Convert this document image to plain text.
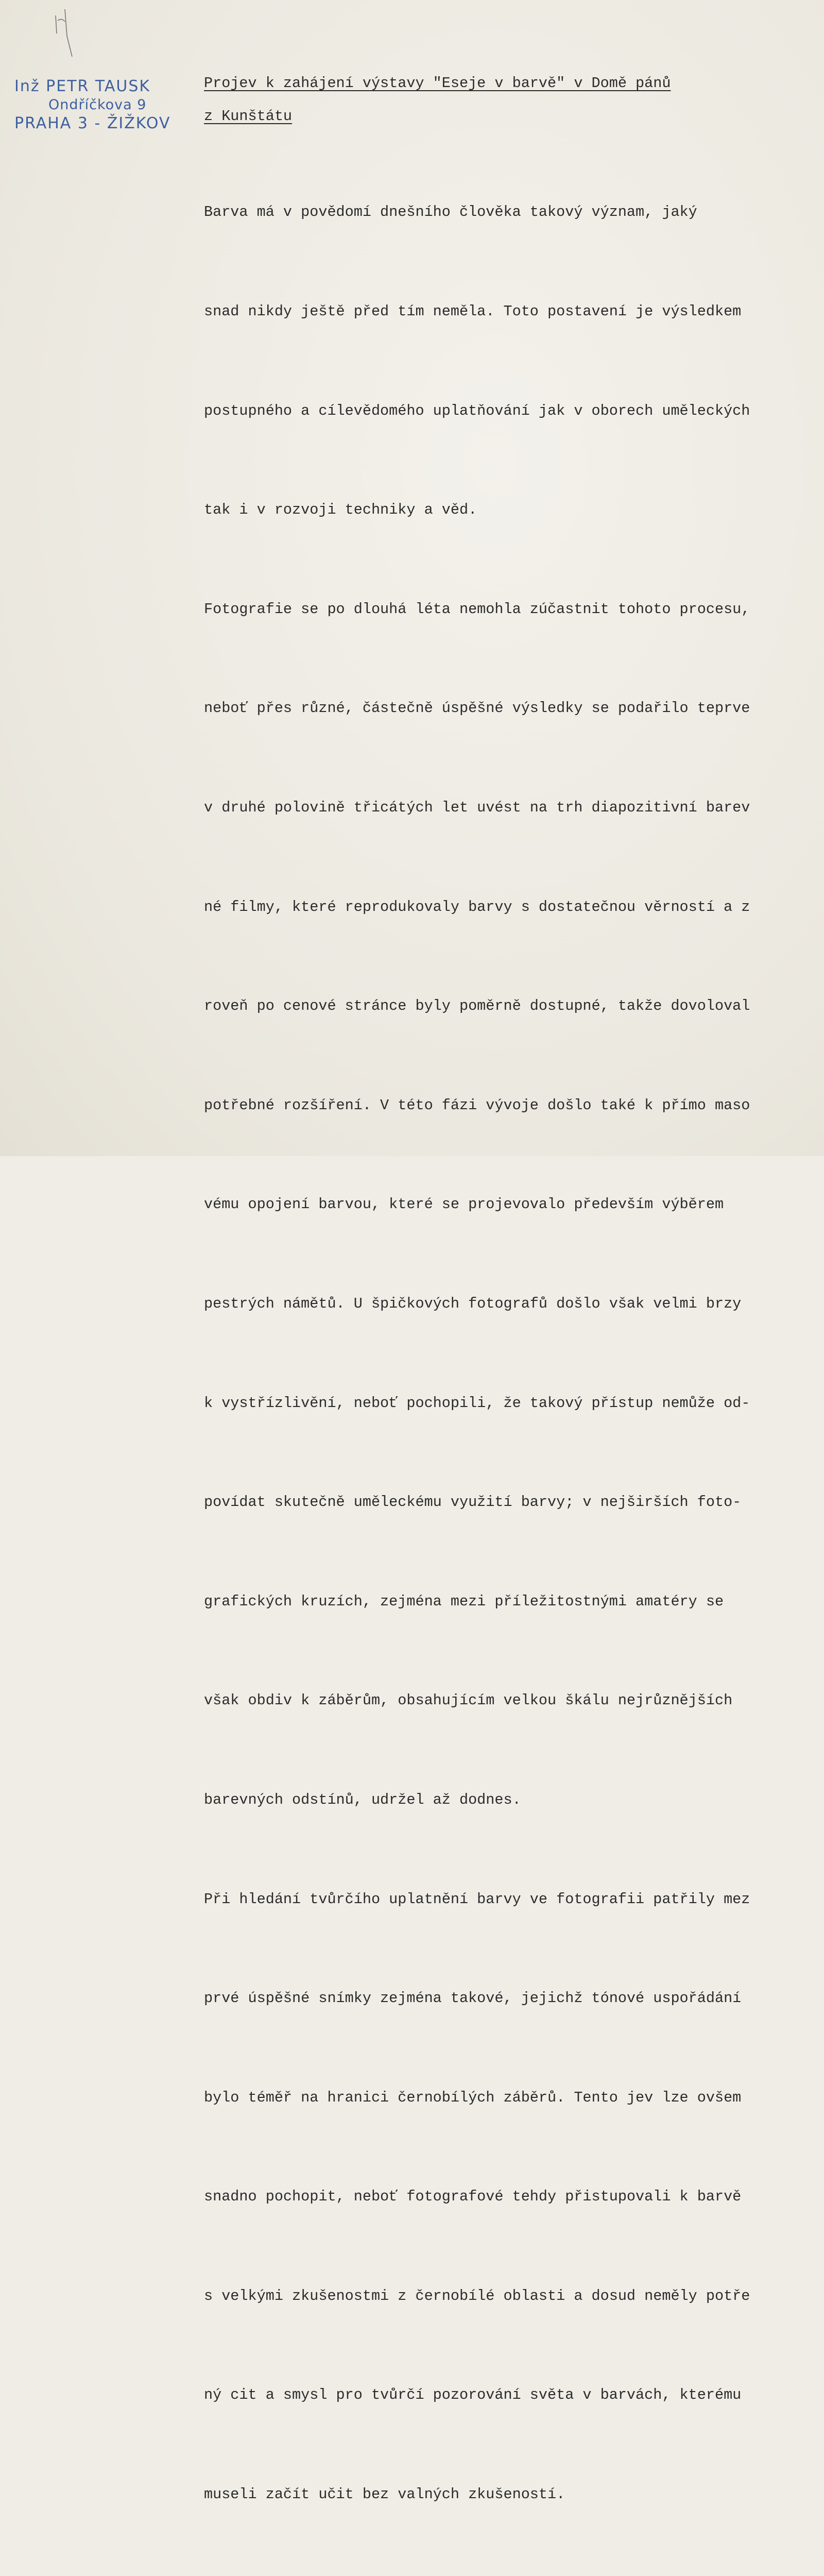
Inž PETR TAUSK
Ondříčkova 9
PRAHA 3 - ŽIŽKOV
Projev k zahájení výstavy "Eseje v barvě" v Domě pánů
z Kunštátu

Barva má v povědomí dnešního člověka takový význam, jaký

snad nikdy ještě před tím neměla. Toto postavení je výsledkem

postupného a cílevědomého uplatňování jak v oborech uměleckých

tak i v rozvoji techniky a věd.

Fotografie se po dlouhá léta nemohla zúčastnit tohoto procesu,

neboť přes různé, částečně úspěšné výsledky se podařilo teprve

v druhé polovině třicátých let uvést na trh diapozitivní barev

né filmy, které reprodukovaly barvy s dostatečnou věrností a z

roveň po cenové stránce byly poměrně dostupné, takže dovoloval

potřebné rozšíření. V této fázi vývoje došlo také k přímo maso

vému opojení barvou, které se projevovalo především výběrem

pestrých námětů. U špičkových fotografů došlo však velmi brzy

k vystřízlivění, neboť pochopili, že takový přístup nemůže od-

povídat skutečně uměleckému využití barvy; v nejširších foto-

grafických kruzích, zejména mezi příležitostnými amatéry se

však obdiv k záběrům, obsahujícím velkou škálu nejrůznějších

barevných odstínů, udržel až dodnes.

Při hledání tvůrčího uplatnění barvy ve fotografii patřily mez

prvé úspěšné snímky zejména takové, jejichž tónové uspořádání

bylo téměř na hranici černobílých záběrů. Tento jev lze ovšem

snadno pochopit, neboť fotografové tehdy přistupovali k barvě

s velkými zkušenostmi z černobílé oblasti a dosud neměly potře

ný cit a smysl pro tvůrčí pozorování světa v barvách, kterému

museli začít učit bez valných zkušeností.
